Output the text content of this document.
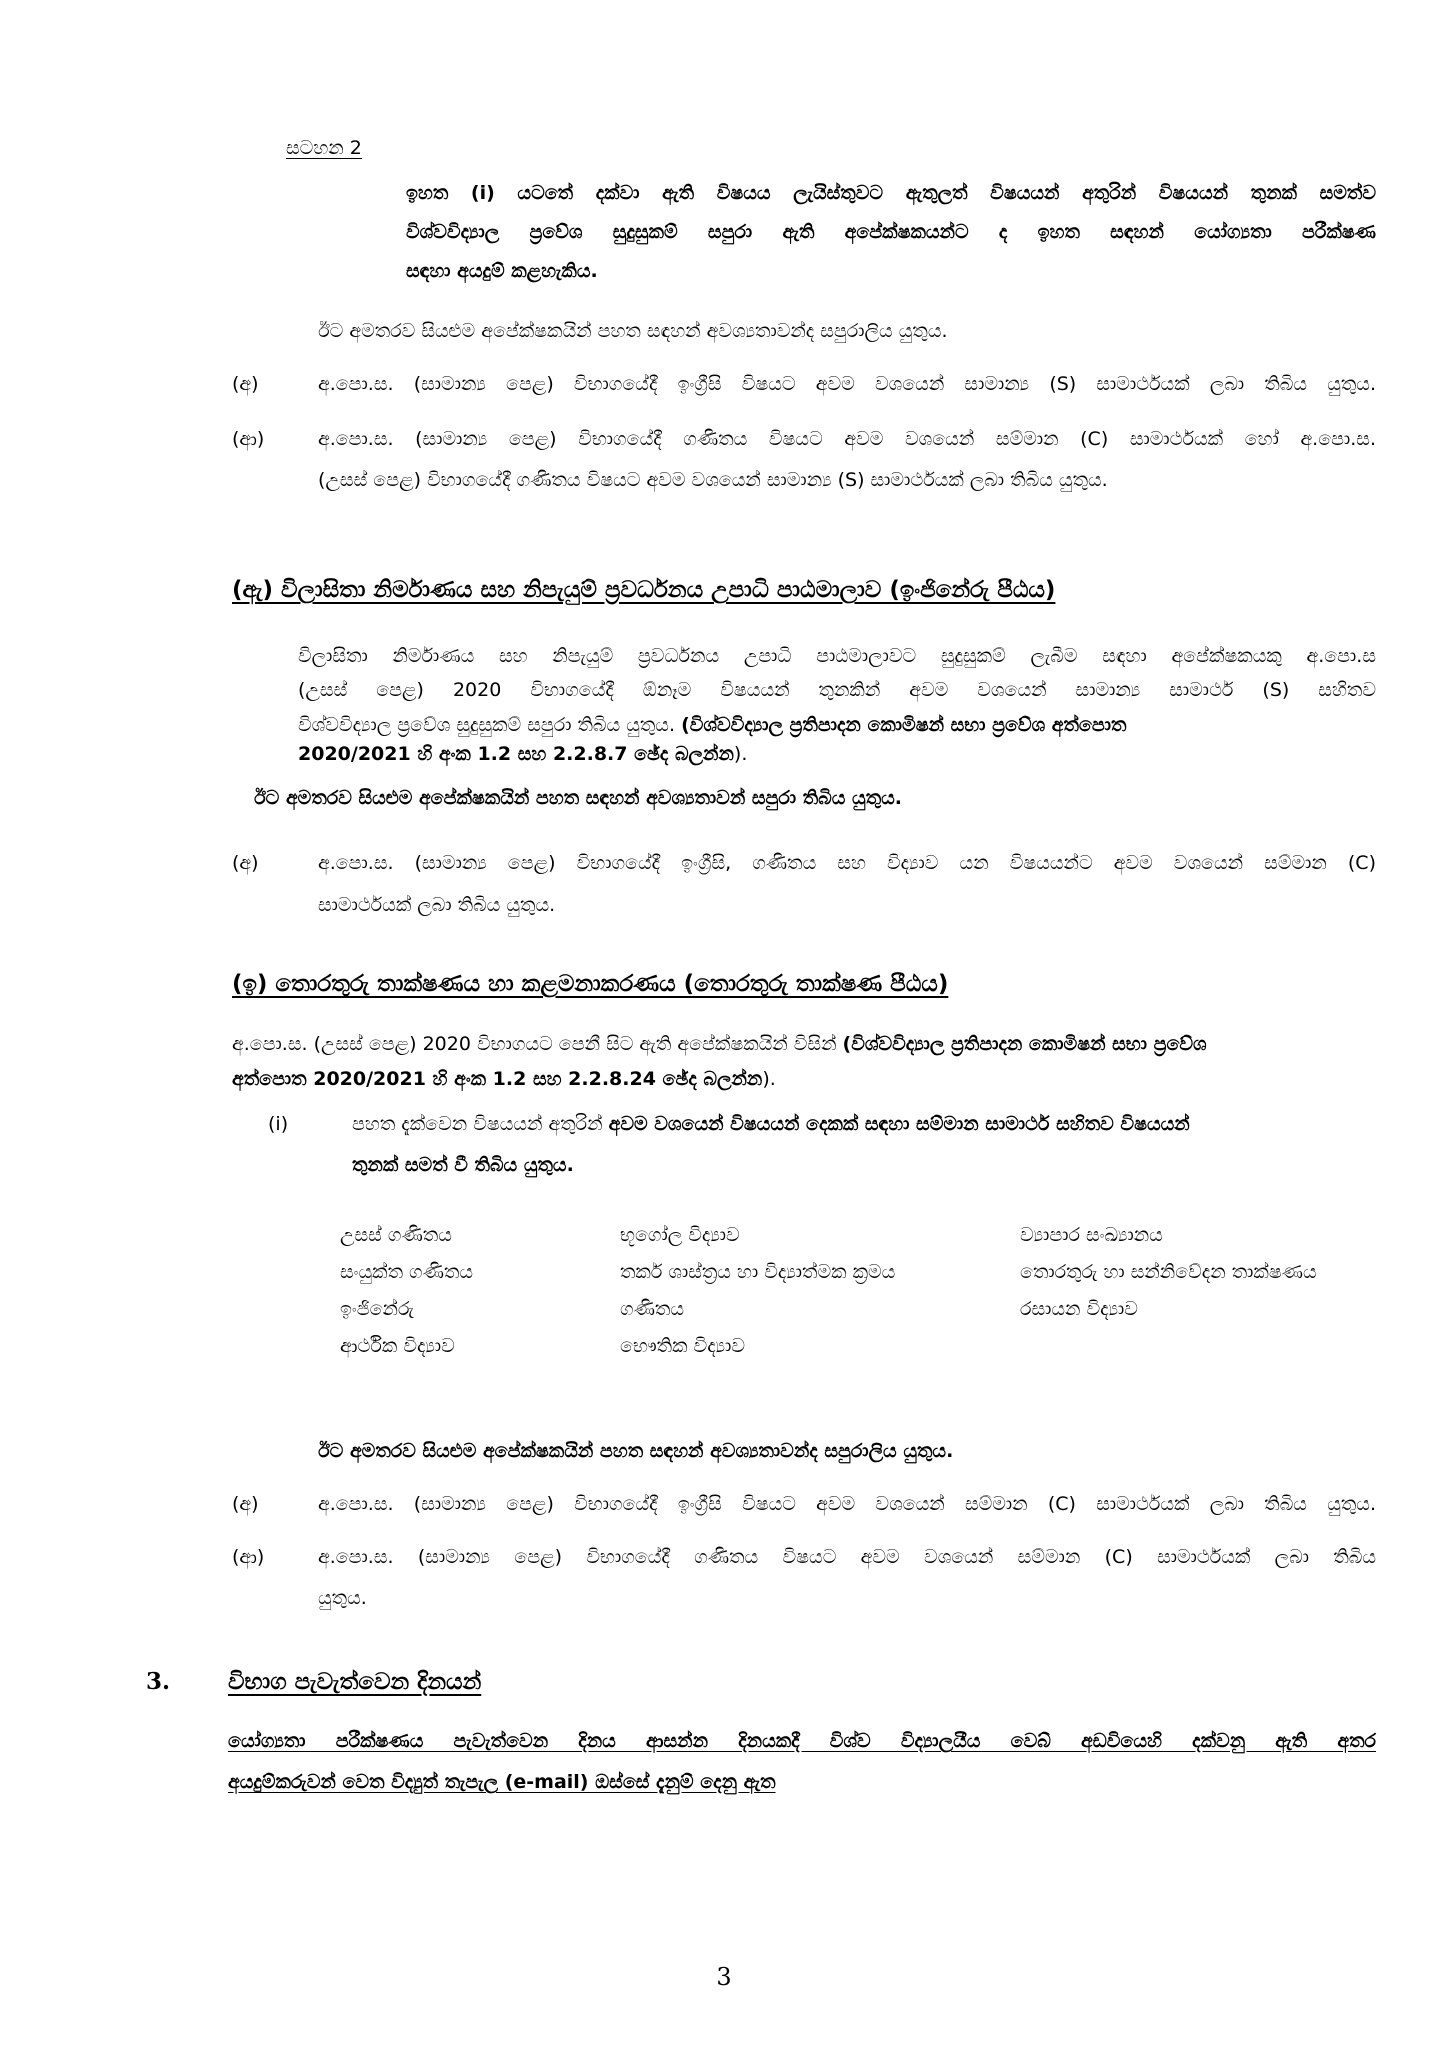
සටහන 2
ඉහත (i) යටතේ දක්වා ඇති විෂයය ලැයිස්තුවට ඇතුලත් විෂයයන් අතුරින් විෂයයන් තුනක් සමත්ව
විශ්වවිද්‍යාල ප්‍රවේශ සුදුසුකම් සපුරා ඇති අපේක්ෂකයන්ට ද ඉහත සඳහන් යෝග්‍යතා පරීක්ෂණ
සඳහා අයදුම් කළහැකිය.
ඊට අමතරව සියළුම අපේක්ෂකයින් පහත සඳහන් අවශ්‍යතාවන්ද සපුරාලිය යුතුය.
(අ)	අ.පො.ස. (සාමාන්‍ය පෙළ) විභාගයේදී ඉංග්‍රීසි විෂයට අවම වශයෙන් සාමාන්‍ය (S) සාමාර්ථයක් ලබා තිබිය යුතුය.
(ආ)	අ.පො.ස. (සාමාන්‍ය පෙළ) විභාගයේදී ගණිතය විෂයට අවම වශයෙන් සම්මාන (C) සාමාර්ථයක් හෝ අ.පො.ස.
(උසස් පෙළ) විභාගයේදී ගණිතය විෂයට අවම වශයෙන් සාමාන්‍ය (S) සාමාර්ථයක් ලබා තිබිය යුතුය.
(ඇ) විලාසිතා නිර්මාණය සහ නිපැයුම් ප්‍රවර්ධනය උපාධි පාඨමාලාව (ඉංජිනේරු පීඨය)
විලාසිතා නිර්මාණය සහ නිපැයුම් ප්‍රවර්ධනය උපාධි පාඨමාලාවට සුදුසුකම් ලැබීම සඳහා අපේක්ෂකයකු අ.පො.ස
(උසස් පෙළ) 2020 විභාගයේදී ඕනෑම විෂයයන් තුනකින් අවම වශයෙන් සාමාන්‍ය සාමාර්ථ (S) සහිතව
විශ්වවිද්‍යාල ප්‍රවේශ සුදුසුකම් සපුරා තිබිය යුතුය. (විශ්වවිද්‍යාල ප්‍රතිපාදන කොමිෂන් සභා ප්‍රවේශ අත්පොත
2020/2021 හි අංක 1.2 සහ 2.2.8.7 ඡේද බලන්න).
ඊට අමතරව සියළුම අපේක්ෂකයින් පහත සඳහන් අවශ්‍යතාවන් සපුරා තිබිය යුතුය.
(අ)	අ.පො.ස. (සාමාන්‍ය පෙළ) විභාගයේදී ඉංග්‍රීසි, ගණිතය සහ විද්‍යාව යන විෂයයන්ට අවම වශයෙන් සම්මාන (C)
සාමාර්ථයක් ලබා තිබිය යුතුය.
(ඉ) තොරතුරු තාක්ෂණය හා කළමනාකරණය (තොරතුරු තාක්ෂණ පීඨය)
අ.පො.ස. (උසස් පෙළ) 2020 විභාගයට පෙනී සිට ඇති අපේක්ෂකයින් විසින් (විශ්වවිද්‍යාල ප්‍රතිපාදන කොමිෂන් සභා ප්‍රවේශ
අත්පොත 2020/2021 හි අංක 1.2 සහ 2.2.8.24 ඡේද බලන්න).
(i)	පහත දැක්වෙන විෂයයන් අතුරින් අවම වශයෙන් විෂයයන් දෙකක් සඳහා සම්මාන සාමාර්ථ සහිතව විෂයයන්
තුනක් සමත් වී තිබිය යුතුය.
උසස් ගණිතය	භූගෝල විද්‍යාව	ව්‍යාපාර සංඛ්‍යානය
සංයුක්ත ගණිතය	තර්ක ශාස්ත්‍රය හා විද්‍යාත්මක ක්‍රමය	තොරතුරු හා සන්නිවේදන තාක්ෂණය
ඉංජිනේරු	ගණිතය	රසායන විද්‍යාව
ආර්ථික විද්‍යාව	භෞතික විද්‍යාව
ඊට අමතරව සියළුම අපේක්ෂකයින් පහත සඳහන් අවශ්‍යතාවන්ද සපුරාලිය යුතුය.
(අ)	අ.පො.ස. (සාමාන්‍ය පෙළ) විභාගයේදී ඉංග්‍රීසි විෂයට අවම වශයෙන් සම්මාන (C) සාමාර්ථයක් ලබා තිබිය යුතුය.
(ආ)	අ.පො.ස. (සාමාන්‍ය පෙළ) විභාගයේදී ගණිතය විෂයට අවම වශයෙන් සම්මාන (C) සාමාර්ථයක් ලබා තිබිය
යුතුය.
3.	විභාග පැවැත්වෙන දිනයන්
යෝග්‍යතා පරීක්ෂණය පැවැත්වෙන දිනය ආසන්න දිනයකදී විශ්ව විද්‍යාලයීය වෙබ් අඩවියෙහි දක්වනු ඇති අතර
අයදුම්කරුවන් වෙත විද්‍යුත් තැපැල (e-mail) ඔස්සේ දැනුම් දෙනු ඇත
3
